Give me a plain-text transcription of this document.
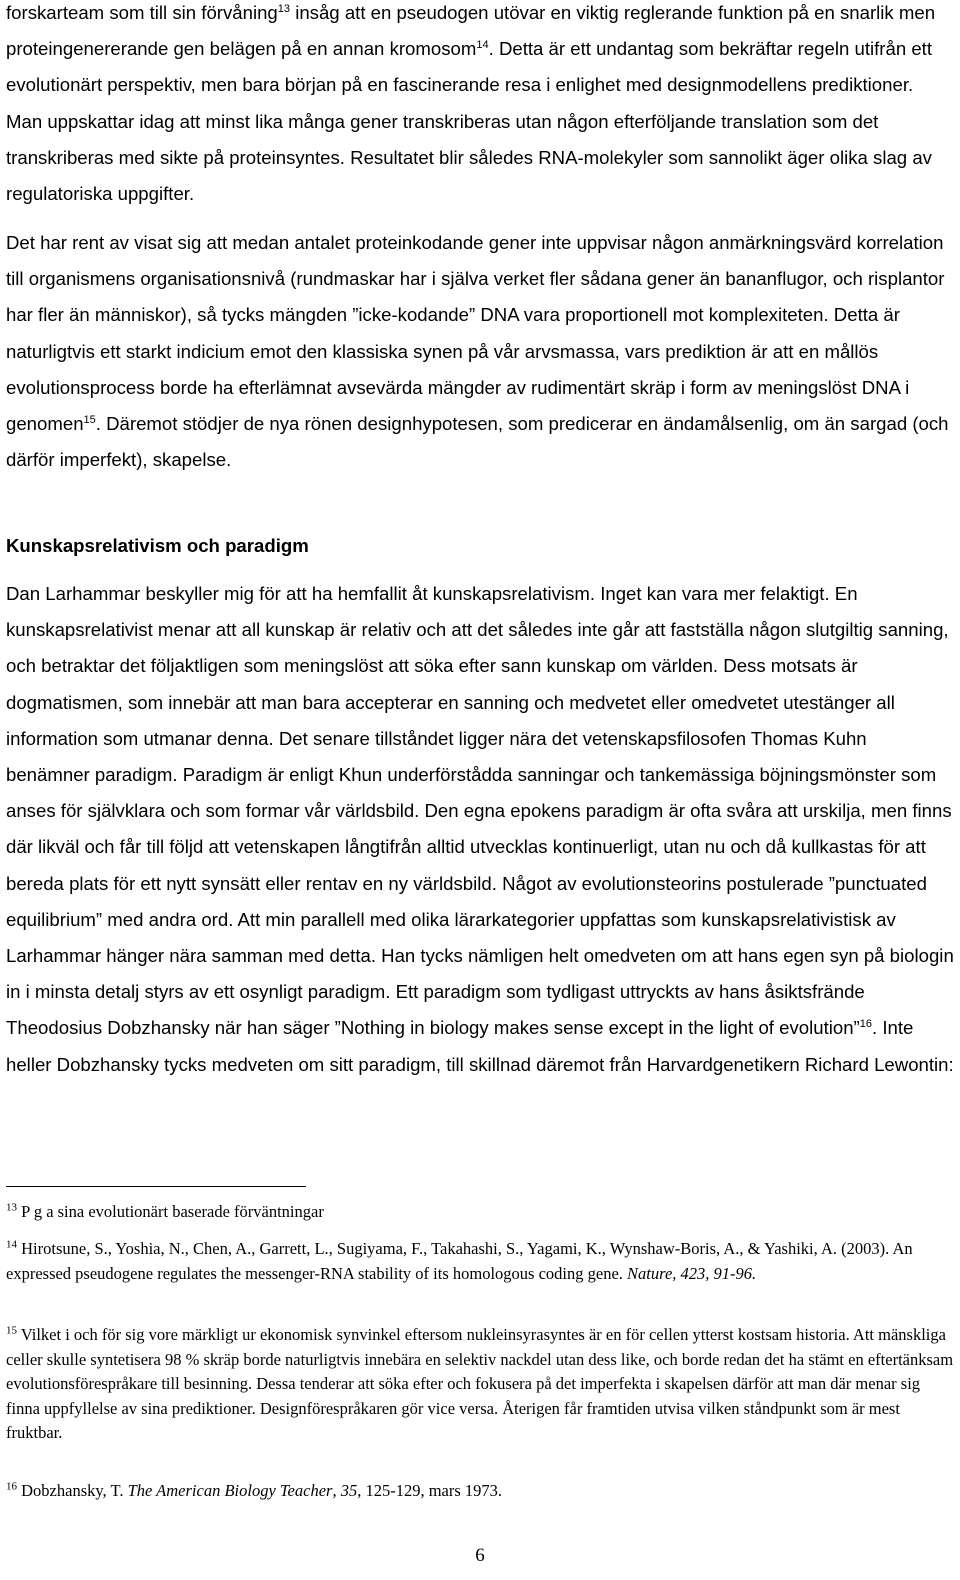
forskarteam som till sin förvåning$^{13}$ insåg att en pseudogen utövar en viktig reglerande funktion på en snarlik men proteingenererande gen belägen på en annan kromosom$^{14}$. Detta är ett undantag som bekräftar regeln utifrån ett evolutionärt perspektiv, men bara början på en fascinerande resa i enlighet med designmodellens prediktioner. Man uppskattar idag att minst lika många gener transkriberas utan någon efterföljande translation som det transkriberas med sikte på proteinsyntes. Resultatet blir således RNA-molekyler som sannolikt äger olika slag av regulatoriska uppgifter.

Det har rent av visat sig att medan antalet proteinkodande gener inte uppvisar någon anmärkningsvärd korrelation till organismens organisationsnivå (rundmaskar har i själva verket fler sådana gener än bananflugor, och risplantor har fler än människor), så tycks mängden ”icke-kodande” DNA vara proportionell mot komplexiteten. Detta är naturligtvis ett starkt indicium emot den klassiska synen på vår arvsmassa, vars prediktion är att en mållös evolutionsprocess borde ha efterlämnat avsevärda mängder av rudimentärt skräp i form av meningslöst DNA i genomen$^{15}$. Däremot stödjer de nya rönen designhypotesen, som predicerar en ändamålsenlig, om än sargad (och därför imperfekt), skapelse.

Kunskapsrelativism och paradigm

Dan Larhammar beskyller mig för att ha hemfallit åt kunskapsrelativism. Inget kan vara mer felaktigt. En kunskapsrelativist menar att all kunskap är relativ och att det således inte går att fastställa någon slutgiltig sanning, och betraktar det följaktligen som meningslöst att söka efter sann kunskap om världen. Dess motsats är dogmatismen, som innebär att man bara accepterar en sanning och medvetet eller omedvetet utestänger all information som utmanar denna. Det senare tillståndet ligger nära det vetenskapsfilosofen Thomas Kuhn benämner paradigm. Paradigm är enligt Khun underförstådda sanningar och tankemässiga böjningsmönster som anses för självklara och som formar vår världsbild. Den egna epokens paradigm är ofta svåra att urskilja, men finns där likväl och får till följd att vetenskapen långtifrån alltid utvecklas kontinuerligt, utan nu och då kullkastas för att bereda plats för ett nytt synsätt eller rentav en ny världsbild. Något av evolutionsteorins postulerade ”punctuated equilibrium” med andra ord. Att min parallell med olika lärarkategorier uppfattas som kunskapsrelativistisk av Larhammar hänger nära samman med detta. Han tycks nämligen helt omedveten om att hans egen syn på biologin in i minsta detalj styrs av ett osynligt paradigm. Ett paradigm som tydligast uttryckts av hans åsiktsfrände Theodosius Dobzhansky när han säger ”Nothing in biology makes sense except in the light of evolution”$^{16}$. Inte heller Dobzhansky tycks medveten om sitt paradigm, till skillnad däremot från Harvardgenetikern Richard Lewontin:

$^{13}$ P g a sina evolutionärt baserade förväntningar

$^{14}$ Hirotsune, S., Yoshia, N., Chen, A., Garrett, L., Sugiyama, F., Takahashi, S., Yagami, K., Wynshaw-Boris, A., & Yashiki, A. (2003). An expressed pseudogene regulates the messenger-RNA stability of its homologous coding gene. Nature, 423, 91-96.

$^{15}$ Vilket i och för sig vore märkligt ur ekonomisk synvinkel eftersom nukleinsyrasyntes är en för cellen ytterst kostsam historia. Att mänskliga celler skulle syntetisera 98 % skräp borde naturligtvis innebära en selektiv nackdel utan dess like, och borde redan det ha stämt en eftertänksam evolutionsförespråkare till besinning. Dessa tenderar att söka efter och fokusera på det imperfekta i skapelsen därför att man där menar sig finna uppfyllelse av sina prediktioner. Designförespråkaren gör vice versa. Återigen får framtiden utvisa vilken ståndpunkt som är mest fruktbar.

$^{16}$ Dobzhansky, T. The American Biology Teacher, 35, 125-129, mars 1973.

6
